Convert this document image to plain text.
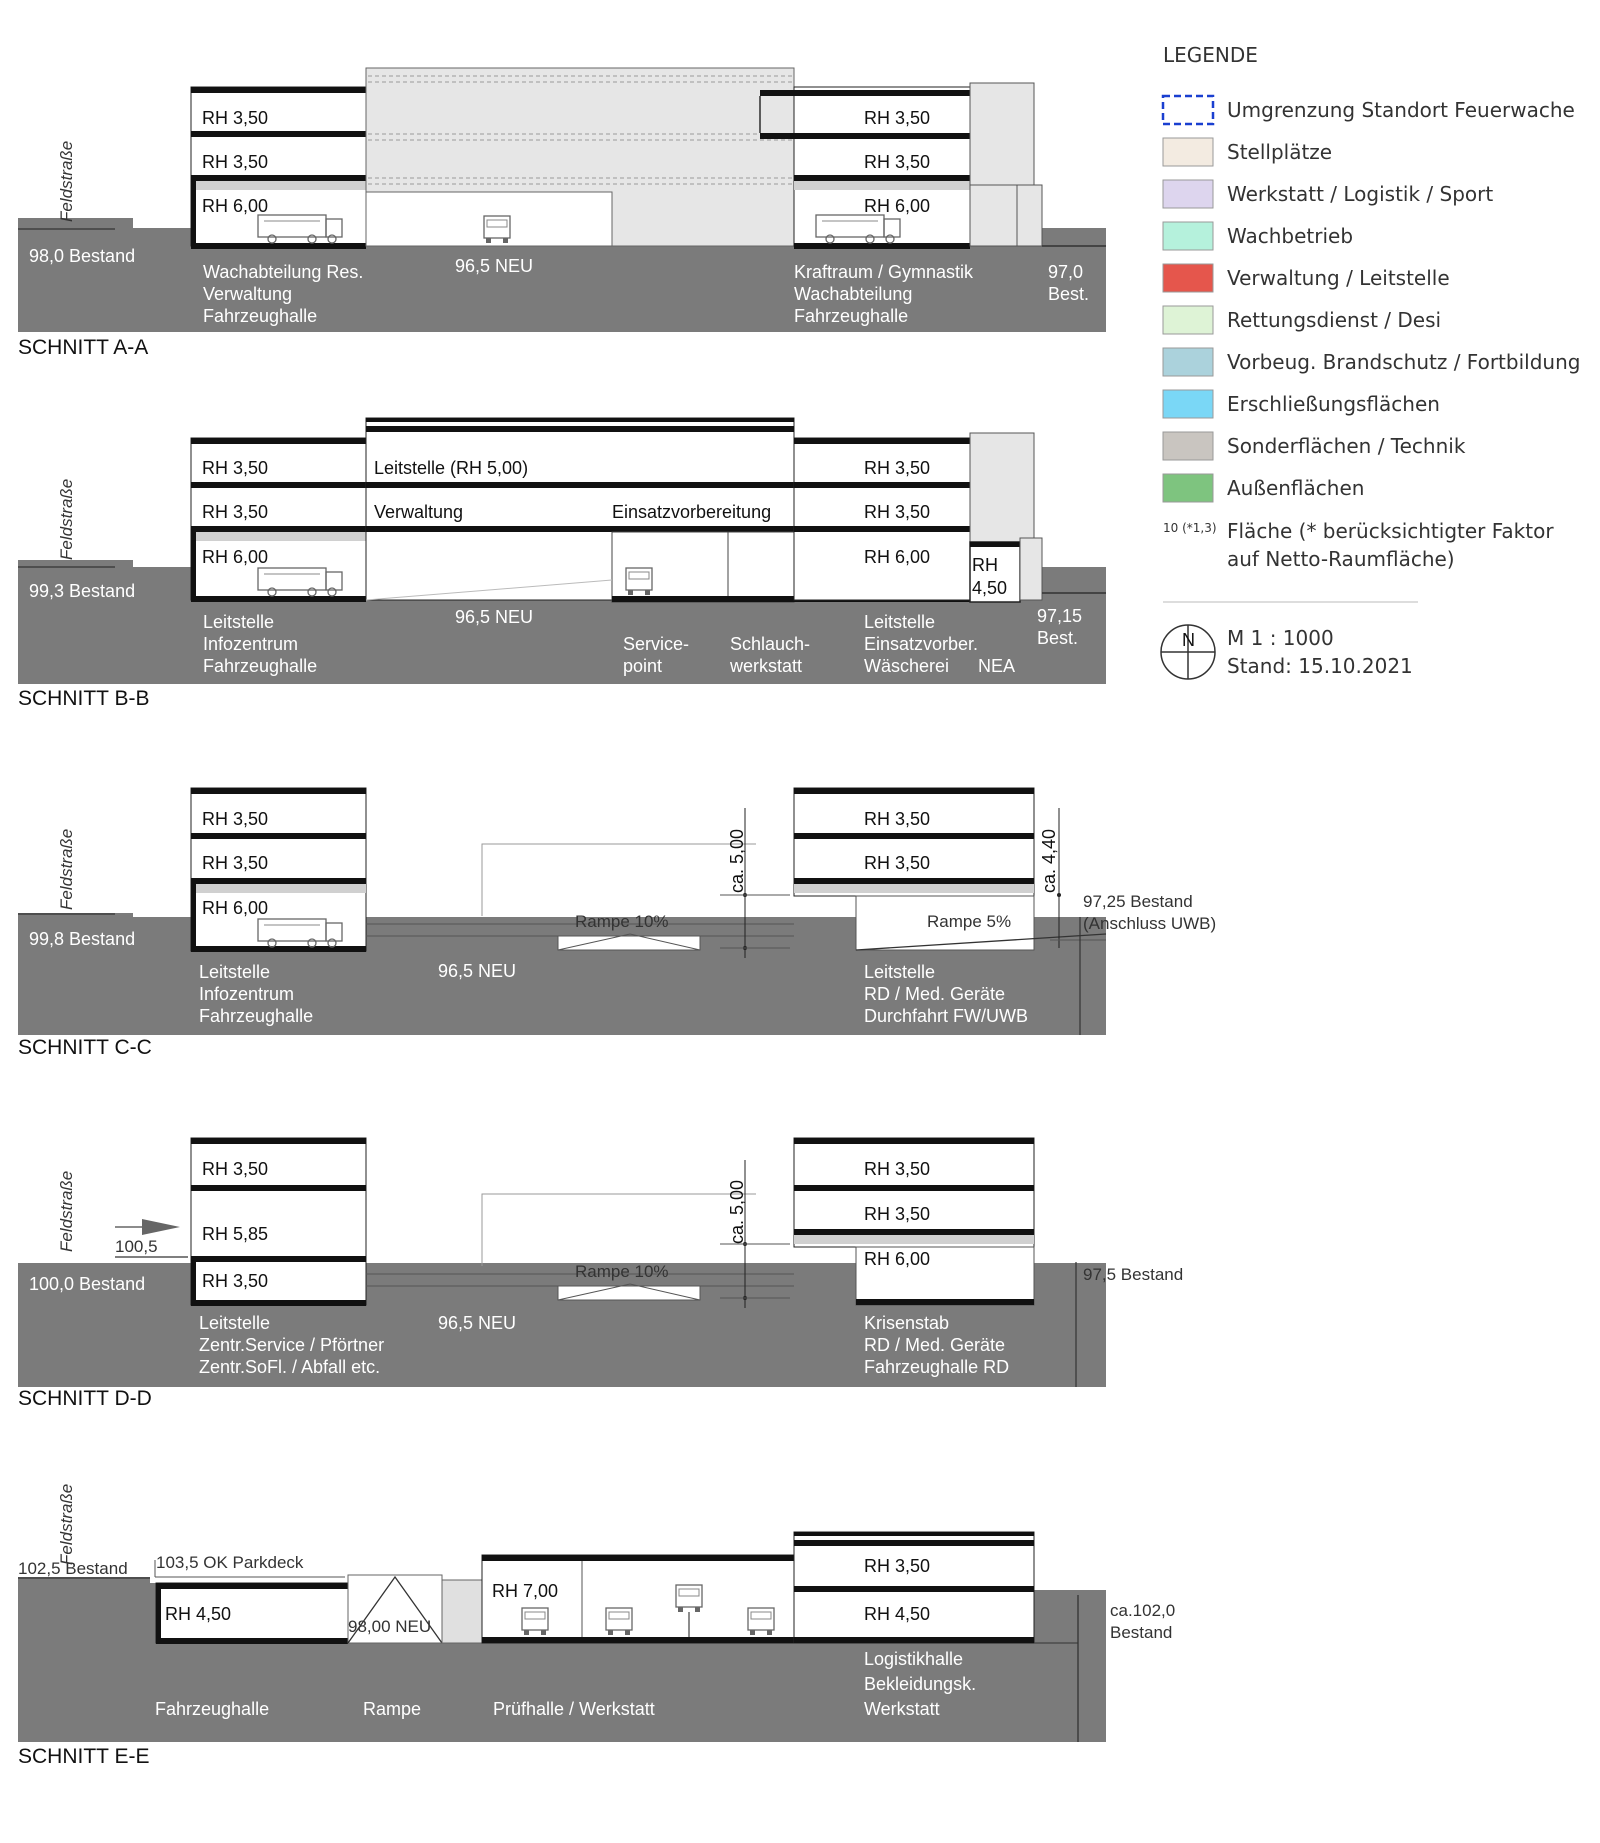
Umgrenzung Standort Feuerwache
Stellplätze
Werkstatt / Logistik / Sport
Wachbetrieb
Verwaltung / Leitstelle
Rettungsdienst / Desi
Vorbeug. Brandschutz / Fortbildung
Erschließungsflächen
Sonderflächen / Technik
Außenflächen
Feldstraße
Feldstraße
Feldstraße
Feldstraße
Feldstraße
SCHNITT A-A
98,0 Bestand
RH 3,50
RH 3,50
RH 6,00
96,5 NEU
RH 3,50
RH 3,50
RH 6,00
97,0
Best.
Wachabteilung Res.
Verwaltung
Fahrzeughalle
Kraftraum / Gymnastik
Wachabteilung
Fahrzeughalle
SCHNITT B-B
99,3 Bestand
RH 3,50
RH 3,50
RH 6,00
Leitstelle (RH 5,00)
Verwaltung	Einsatzvorbereitung
96,5 NEU
RH 3,50
RH 3,50
RH 6,00 RH
4,50
97,15
Best.
Leitstelle
Infozentrum
Fahrzeughalle
Service-
point
Schlauch-
werkstatt
Leitstelle
Einsatzvorber.
Wäscherei NEA
SCHNITT C-C
99,8 Bestand
RH 3,50
RH 3,50
RH 6,00
Rampe 10%	Rampe 5%
ca. 5,00	ca. 4,40
96,5 NEU
RH 3,50
RH 3,50
97,25 Bestand
(Anschluss UWB)
Leitstelle
Infozentrum
Fahrzeughalle
Leitstelle
RD / Med. Geräte
Durchfahrt FW/UWB
SCHNITT D-D
100,0 Bestand
100,5
RH 3,50
RH 5,85
RH 3,50	Rampe 10%
ca. 5,00
96,5 NEU
RH 3,50
RH 3,50
RH 6,00
97,5 Bestand
Leitstelle
Zentr.Service / Pförtner
Zentr.SoFl. / Abfall etc.
Krisenstab
RD / Med. Geräte
Fahrzeughalle RD
SCHNITT E-E
102,5 Bestand 103,5 OK Parkdeck
RH 4,50
98,00 NEU
RH 7,00
RH 3,50
RH 4,50	ca.102,0
Bestand
Fahrzeughalle	Rampe	Prüfhalle / Werkstatt
Logistikhalle
Bekleidungsk.
Werkstatt
LEGENDE
10 (*1,3) Fläche (* berücksichtigter Faktor
auf Netto-Raumfläche)
N M 1 : 1000
Stand: 15.10.2021
